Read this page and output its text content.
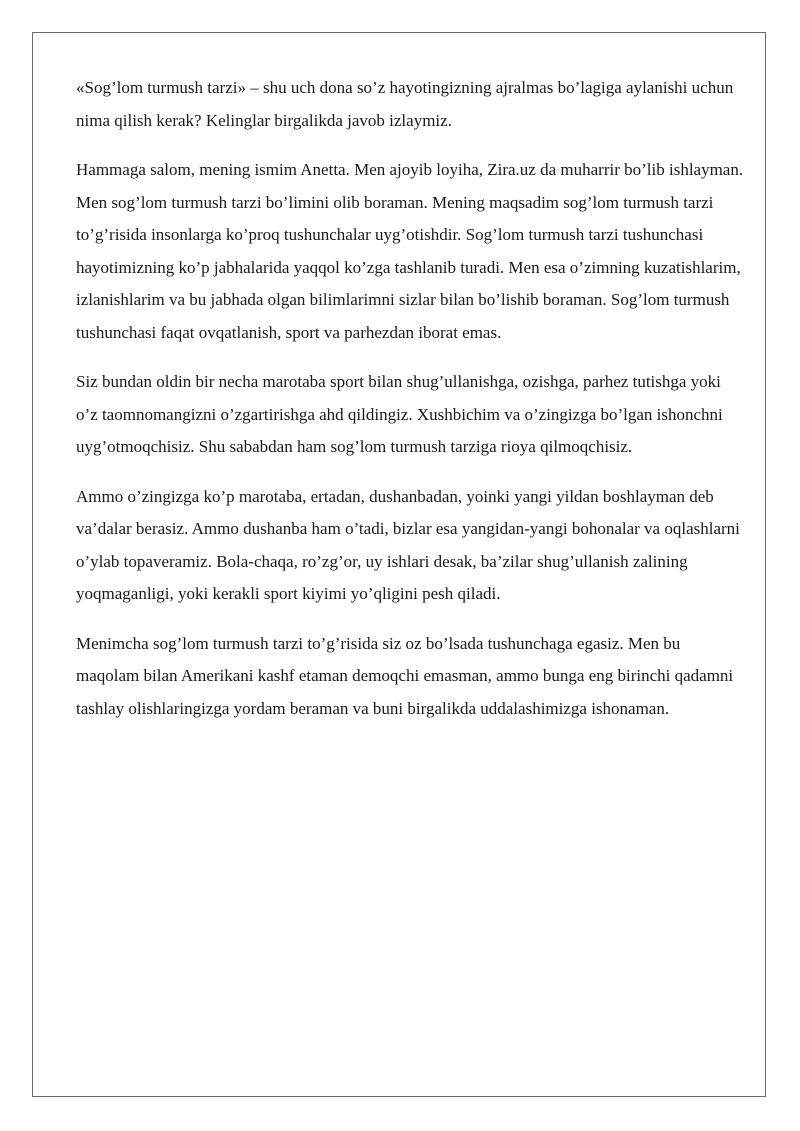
«Sog’lom turmush tarzi» – shu uch dona so’z hayotingizning ajralmas bo’lagiga aylanishi uchun nima qilish kerak? Kelinglar birgalikda javob izlaymiz.

Hammaga salom, mening ismim Anetta. Men ajoyib loyiha, Zira.uz da muharrir bo’lib ishlayman. Men sog’lom turmush tarzi bo’limini olib boraman. Mening maqsadim sog’lom turmush tarzi to’g’risida insonlarga ko’proq tushunchalar uyg’otishdir. Sog’lom turmush tarzi tushunchasi hayotimizning ko’p jabhalarida yaqqol ko’zga tashlanib turadi. Men esa o’zimning kuzatishlarim, izlanishlarim va bu jabhada olgan bilimlarimni sizlar bilan bo’lishib boraman. Sog’lom turmush tushunchasi faqat ovqatlanish, sport va parhezdan iborat emas.

Siz bundan oldin bir necha marotaba sport bilan shug’ullanishga, ozishga, parhez tutishga yoki o’z taomnomangizni o’zgartirishga ahd qildingiz. Xushbichim va o’zingizga bo’lgan ishonchni uyg’otmoqchisiz. Shu sababdan ham sog’lom turmush tarziga rioya qilmoqchisiz.

Ammo o’zingizga ko’p marotaba, ertadan, dushanbadan, yoinki yangi yildan boshlayman deb va’dalar berasiz. Ammo dushanba ham o’tadi, bizlar esa yangidan-yangi bohonalar va oqlashlarni o’ylab topaveramiz. Bola-chaqa, ro’zg’or, uy ishlari desak, ba’zilar shug’ullanish zalining yoqmaganligi, yoki kerakli sport kiyimi yo’qligini pesh qiladi.

Menimcha sog’lom turmush tarzi to’g’risida siz oz bo’lsada tushunchaga egasiz. Men bu maqolam bilan Amerikani kashf etaman demoqchi emasman, ammo bunga eng birinchi qadamni tashlay olishlaringizga yordam beraman va buni birgalikda uddalashimizga ishonaman.
